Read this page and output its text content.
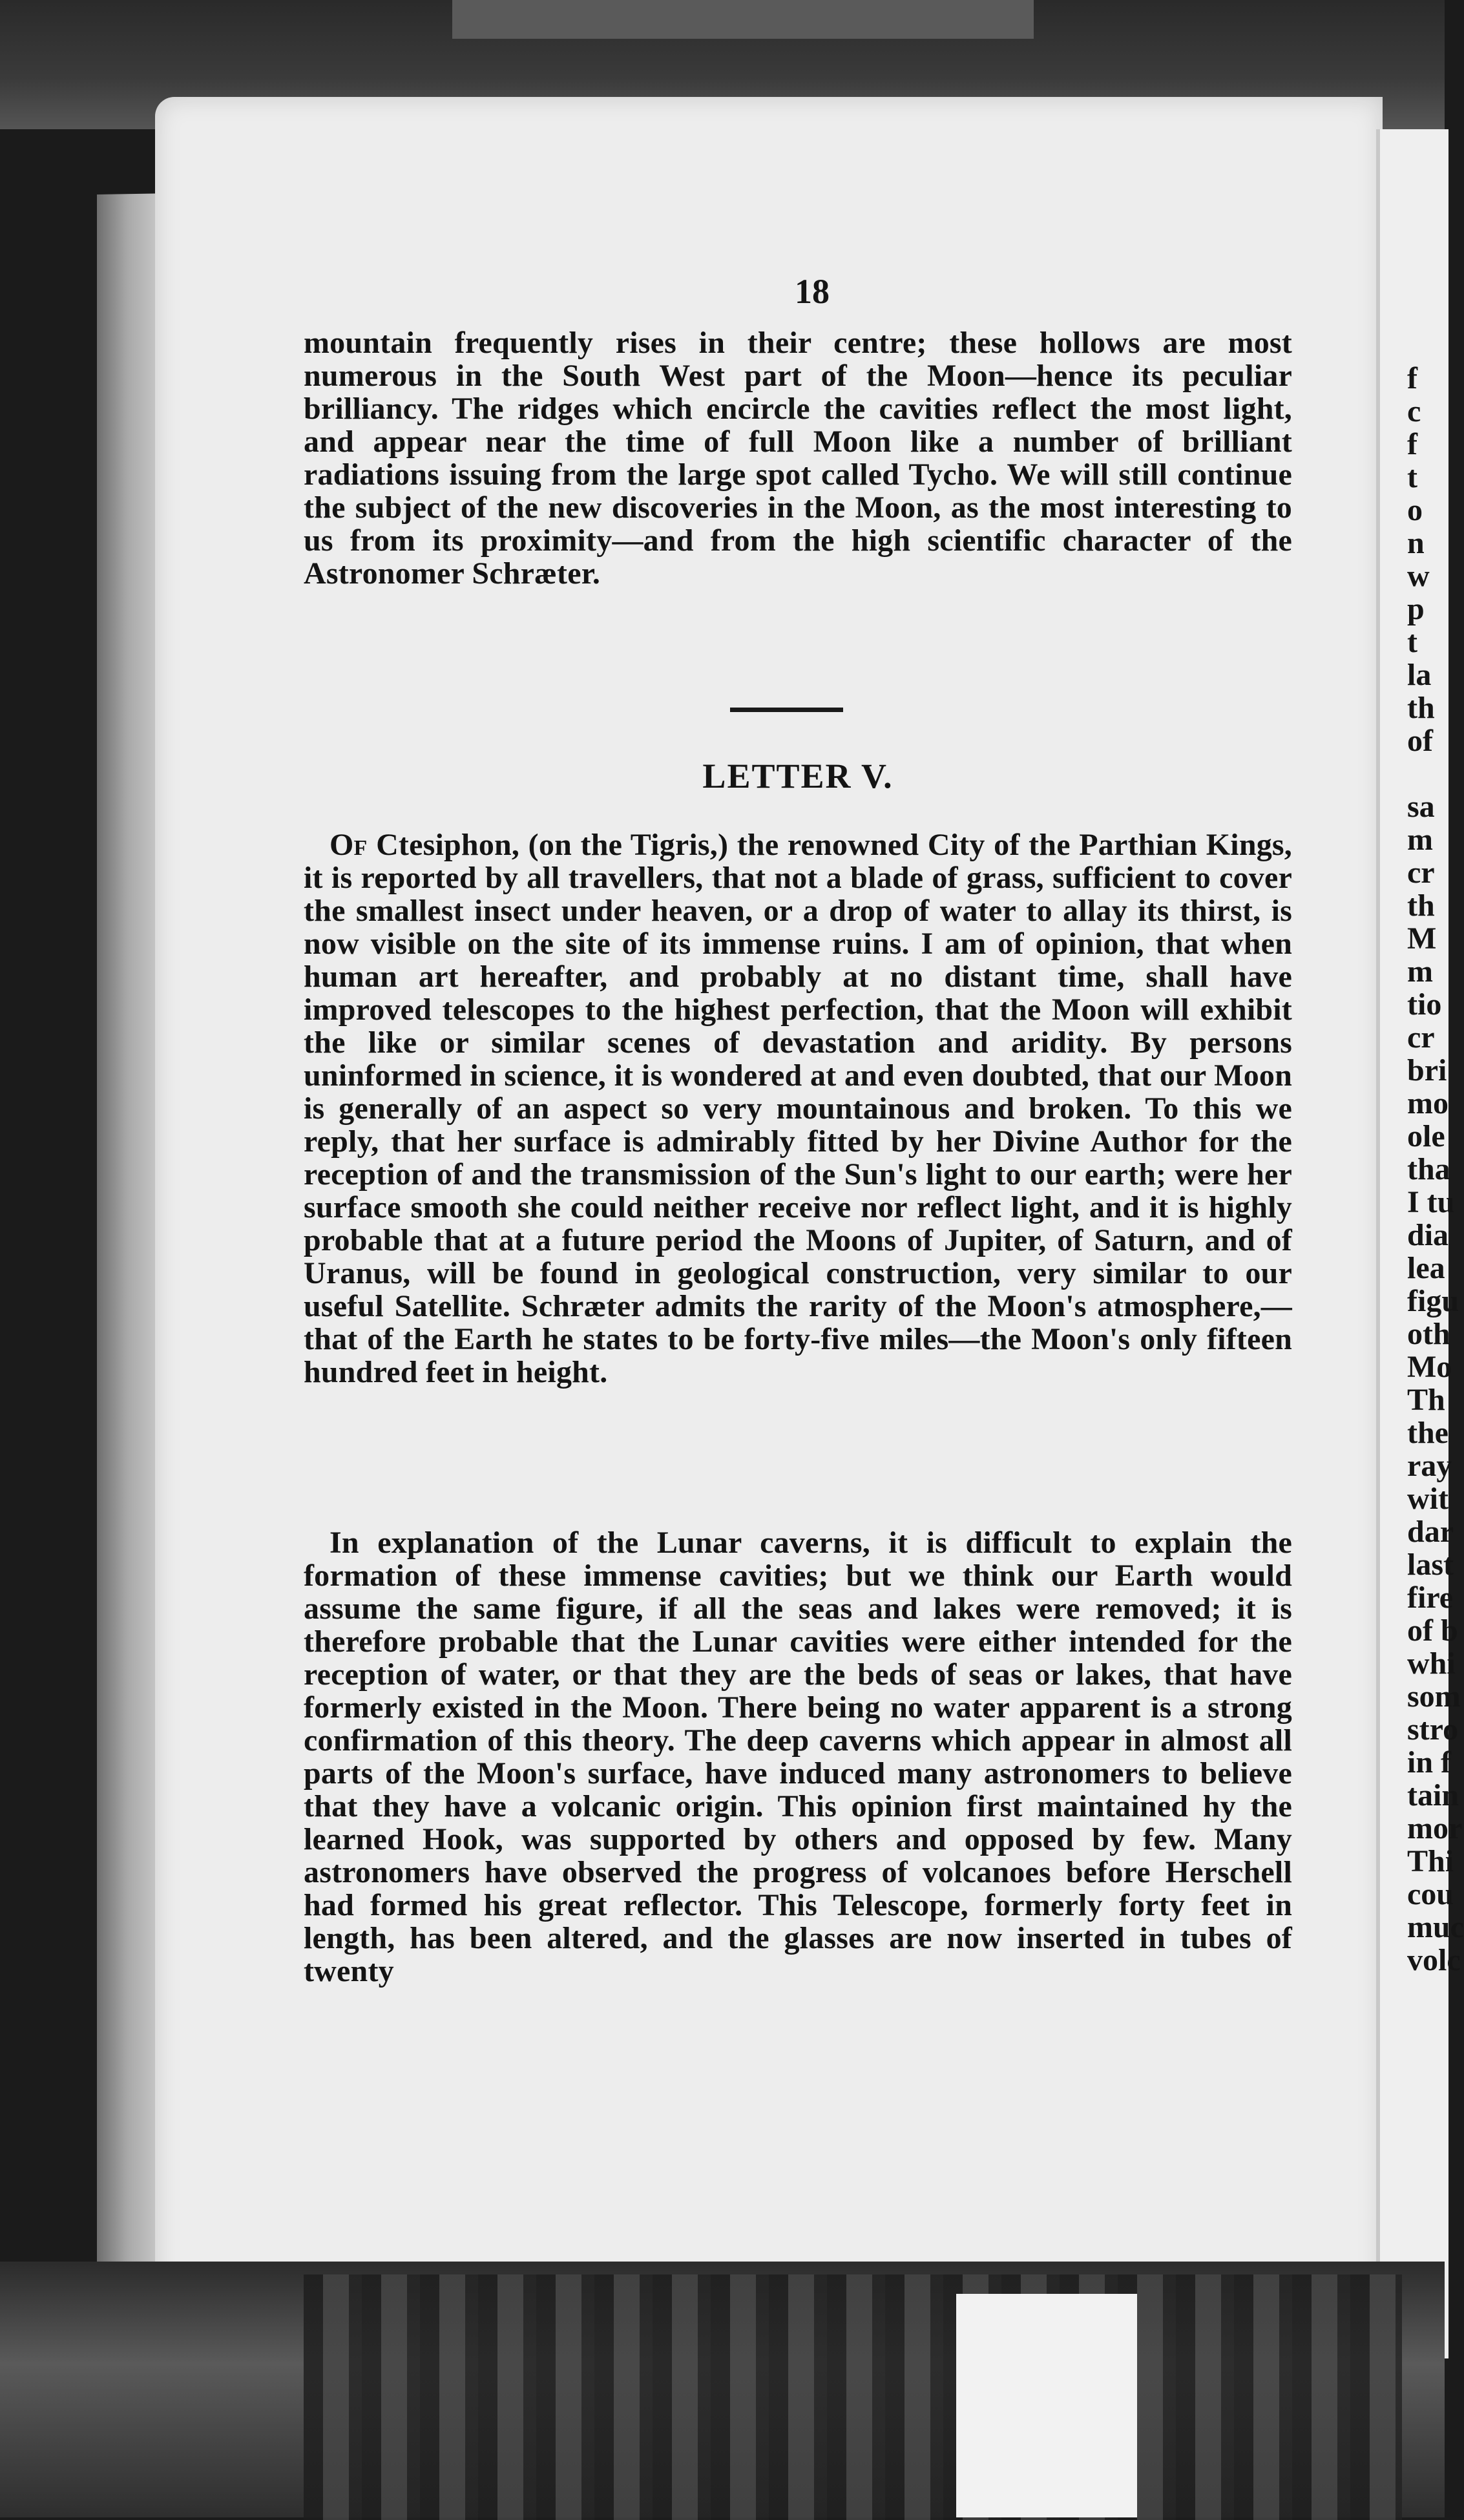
18
mountain frequently rises in their centre; these hollows are most numerous in the South West part of the Moon—hence its peculiar brilliancy. The ridges which encircle the cavities reflect the most light, and appear near the time of full Moon like a number of brilliant radiations issuing from the large spot called Tycho. We will still continue the subject of the new discoveries in the Moon, as the most interesting to us from its proximity—and from the high scientific character of the Astronomer Schræter.
LETTER V.
Of Ctesiphon, (on the Tigris,) the renowned City of the Parthian Kings, it is reported by all travellers, that not a blade of grass, sufficient to cover the smallest insect under heaven, or a drop of water to allay its thirst, is now visible on the site of its immense ruins. I am of opinion, that when human art hereafter, and probably at no distant time, shall have improved telescopes to the highest perfection, that the Moon will exhibit the like or similar scenes of devastation and aridity. By persons uninformed in science, it is wondered at and even doubted, that our Moon is generally of an aspect so very mountainous and broken. To this we reply, that her surface is admirably fitted by her Divine Author for the reception of and the transmission of the Sun's light to our earth; were her surface smooth she could neither receive nor reflect light, and it is highly probable that at a future period the Moons of Jupiter, of Saturn, and of Uranus, will be found in geological construction, very similar to our useful Satellite. Schræter admits the rarity of the Moon's atmosphere,—that of the Earth he states to be forty-five miles—the Moon's only fifteen hundred feet in height.
In explanation of the Lunar caverns, it is difficult to explain the formation of these immense cavities; but we think our Earth would assume the same figure, if all the seas and lakes were removed; it is therefore probable that the Lunar cavities were either intended for the reception of water, or that they are the beds of seas or lakes, that have formerly existed in the Moon. There being no water apparent is a strong confirmation of this theory. The deep caverns which appear in almost all parts of the Moon's surface, have induced many astronomers to believe that they have a volcanic origin. This opinion first maintained hy the learned Hook, was supported by others and opposed by few. Many astronomers have observed the progress of volcanoes before Herschell had formed his great reflector. This Telescope, formerly forty feet in length, has been altered, and the glasses are now inserted in tubes of twenty
f
c
f
t
o
n
w
p
t
la
th
of
sa
m
cr
th
M
m
tio
cr
bri
mo
ole
tha
I tu
dia
lea
figu
oth
Mo
Th
the
ray
wit
dar
last
fire
of b
whi
som
stro
in f
tain
mor
Thi
cou
muc
volc
